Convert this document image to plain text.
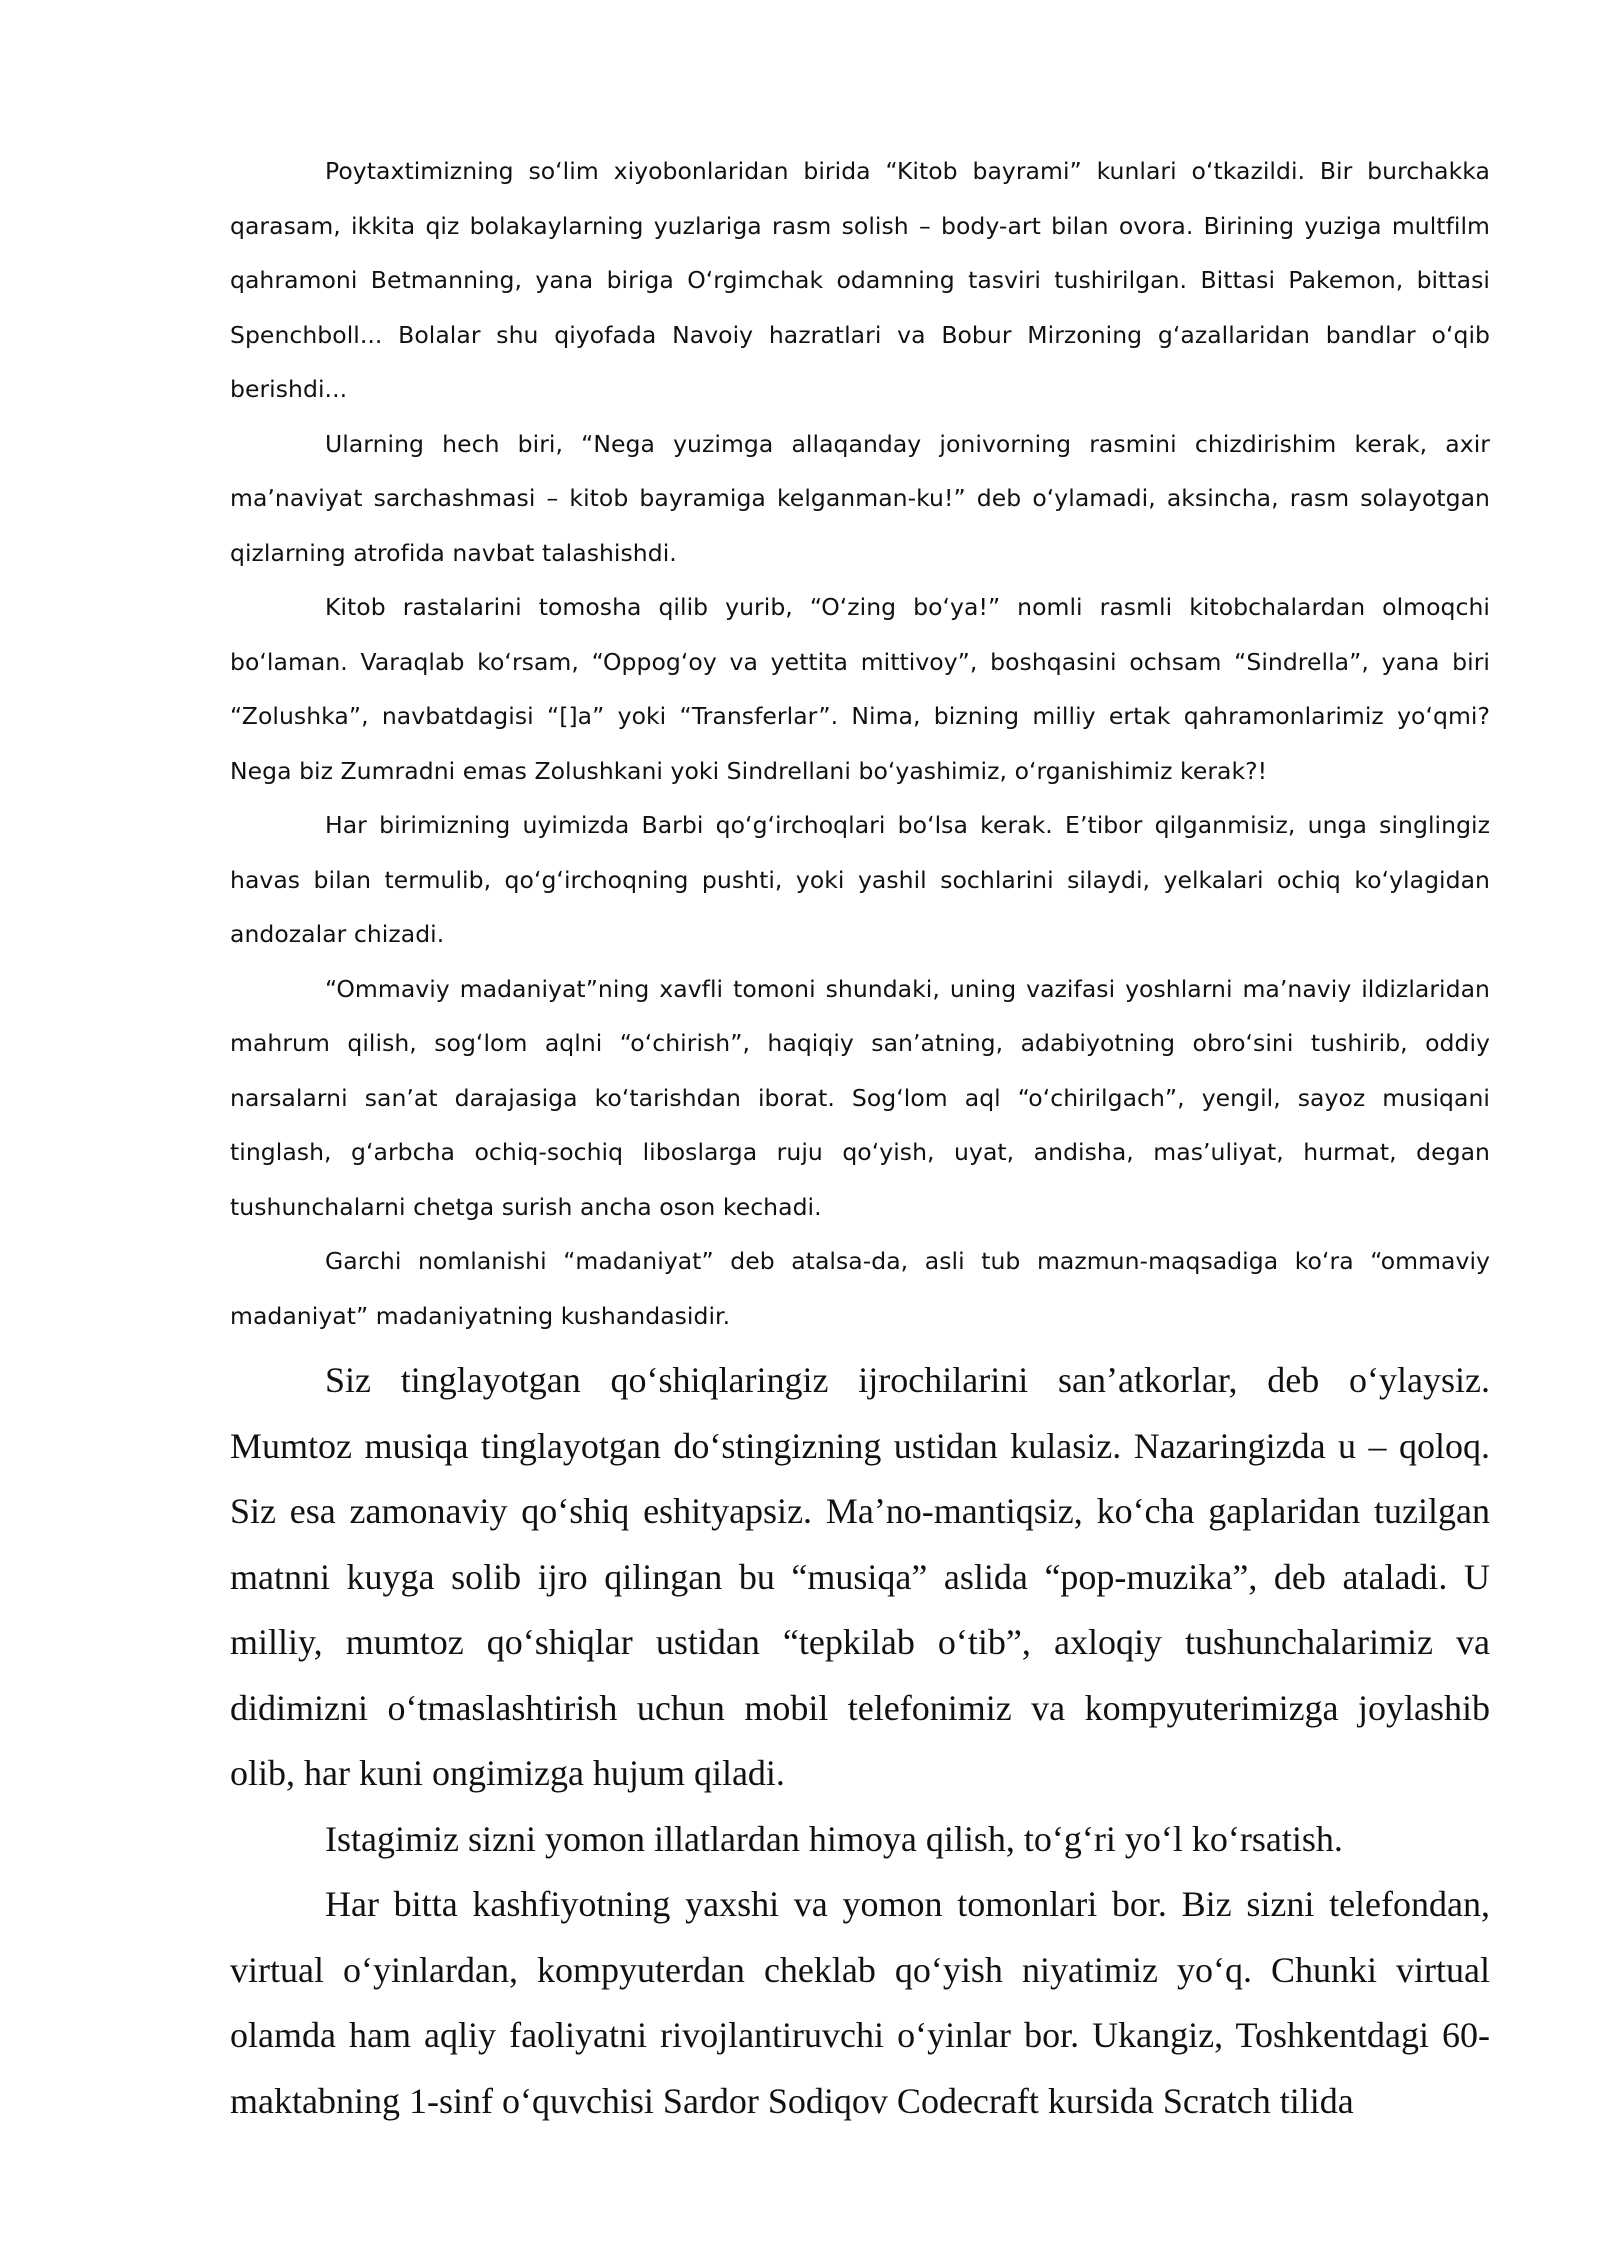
Poytaxtimizning soʻlim xiyobonlaridan birida “Kitob bayrami” kunlari oʻtkazildi. Bir burchakka qarasam, ikkita qiz bolakaylarning yuzlariga rasm solish – body-art bilan ovora. Birining yuziga multfilm qahramoni Betmanning, yana biriga Oʻrgimchak odamning tasviri tushirilgan. Bittasi Pakemon, bittasi Spenchboll... Bolalar shu qiyofada Navoiy hazratlari va Bobur Mirzoning gʻazallaridan bandlar oʻqib berishdi...

Ularning hech biri, “Nega yuzimga allaqanday jonivorning rasmini chizdirishim kerak, axir maʼnaviyat sarchashmasi – kitob bayramiga kelganman-ku!” deb oʻylamadi, aksincha, rasm solayotgan qizlarning atrofida navbat talashishdi.

Kitob rastalarini tomosha qilib yurib, “Oʻzing boʻya!” nomli rasmli kitobchalardan olmoqchi boʻlaman. Varaqlab koʻrsam, “Oppogʻoy va yettita mittivoy”, boshqasini ochsam “Sindrella”, yana biri “Zolushka”, navbatdagisi “[]a” yoki “Transferlar”. Nima, bizning milliy ertak qahramonlarimiz yoʻqmi? Nega biz Zumradni emas Zolushkani yoki Sindrellani boʻyashimiz, oʻrganishimiz kerak?!

Har birimizning uyimizda Barbi qoʻgʻirchoqlari boʻlsa kerak. Eʼtibor qilganmisiz, unga singlingiz havas bilan termulib, qoʻgʻirchoqning pushti, yoki yashil sochlarini silaydi, yelkalari ochiq koʻylagidan andozalar chizadi.

“Ommaviy madaniyat”ning xavfli tomoni shundaki, uning vazifasi yoshlarni maʼnaviy ildizlaridan mahrum qilish, sogʻlom aqlni “oʻchirish”, haqiqiy sanʼatning, adabiyotning obroʻsini tushirib, oddiy narsalarni sanʼat darajasiga koʻtarishdan iborat. Sogʻlom aql “oʻchirilgach”, yengil, sayoz musiqani tinglash, gʻarbcha ochiq-sochiq liboslarga ruju qoʻyish, uyat, andisha, masʼuliyat, hurmat, degan tushunchalarni chetga surish ancha oson kechadi.

Garchi nomlanishi “madaniyat” deb atalsa-da, asli tub mazmun-maqsadiga koʻra “ommaviy madaniyat” madaniyatning kushandasidir.

Siz tinglayotgan qoʻshiqlaringiz ijrochilarini sanʼatkorlar, deb oʻylaysiz. Mumtoz musiqa tinglayotgan doʻstingizning ustidan kulasiz. Nazaringizda u – qoloq. Siz esa zamonaviy qoʻshiq eshityapsiz. Maʼno-mantiqsiz, koʻcha gaplaridan tuzilgan matnni kuyga solib ijro qilingan bu “musiqa” aslida “pop-muzika”, deb ataladi. U milliy, mumtoz qoʻshiqlar ustidan “tepkilab oʻtib”, axloqiy tushunchalarimiz va didimizni oʻtmaslashtirish uchun mobil telefonimiz va kompyuterimizga joylashib olib, har kuni ongimizga hujum qiladi.

Istagimiz sizni yomon illatlardan himoya qilish, toʻgʻri yoʻl koʻrsatish.

Har bitta kashfiyotning yaxshi va yomon tomonlari bor. Biz sizni telefondan, virtual oʻyinlardan, kompyuterdan cheklab qoʻyish niyatimiz yoʻq. Chunki virtual olamda ham aqliy faoliyatni rivojlantiruvchi oʻyinlar bor. Ukangiz, Toshkentdagi 60-maktabning 1-sinf oʻquvchisi Sardor Sodiqov Codecraft kursida Scratch tilida
